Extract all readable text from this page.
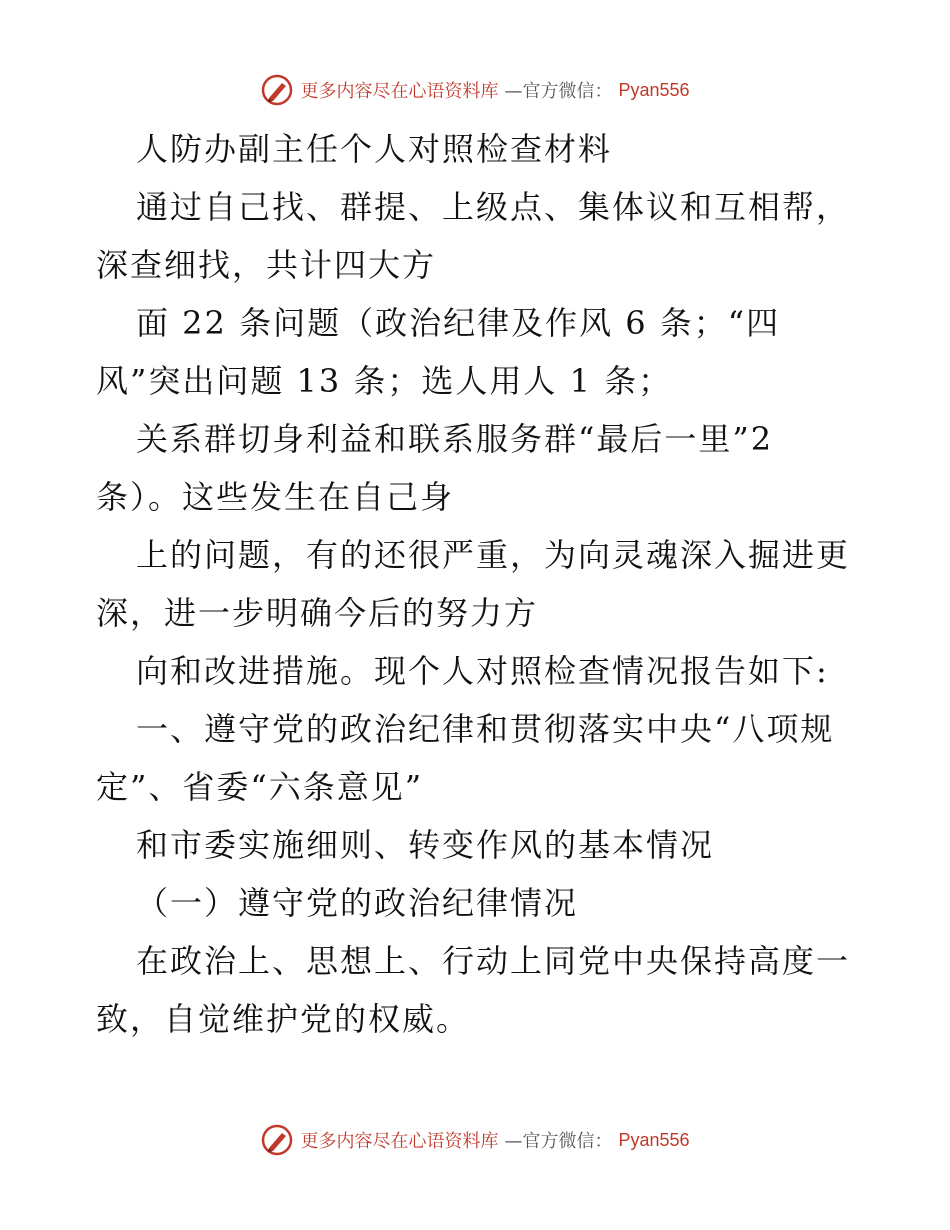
更多内容尽在心语资料库 —官方微信： Pyan556
人防办副主任个人对照检查材料
通过自己找、群提、上级点、集体议和互相帮，
深查细找，共计四大方
面 22 条问题（政治纪律及作风 6 条；“四
风”突出问题 13 条；选人用人 1 条；
关系群切身利益和联系服务群“最后一里”2
条）。这些发生在自己身
上的问题，有的还很严重，为向灵魂深入掘进更
深，进一步明确今后的努力方
向和改进措施。现个人对照检查情况报告如下:
一、遵守党的政治纪律和贯彻落实中央“八项规
定”、省委“六条意见”
和市委实施细则、转变作风的基本情况
（一）遵守党的政治纪律情况
在政治上、思想上、行动上同党中央保持高度一
致，自觉维护党的权威。
更多内容尽在心语资料库 —官方微信： Pyan556
